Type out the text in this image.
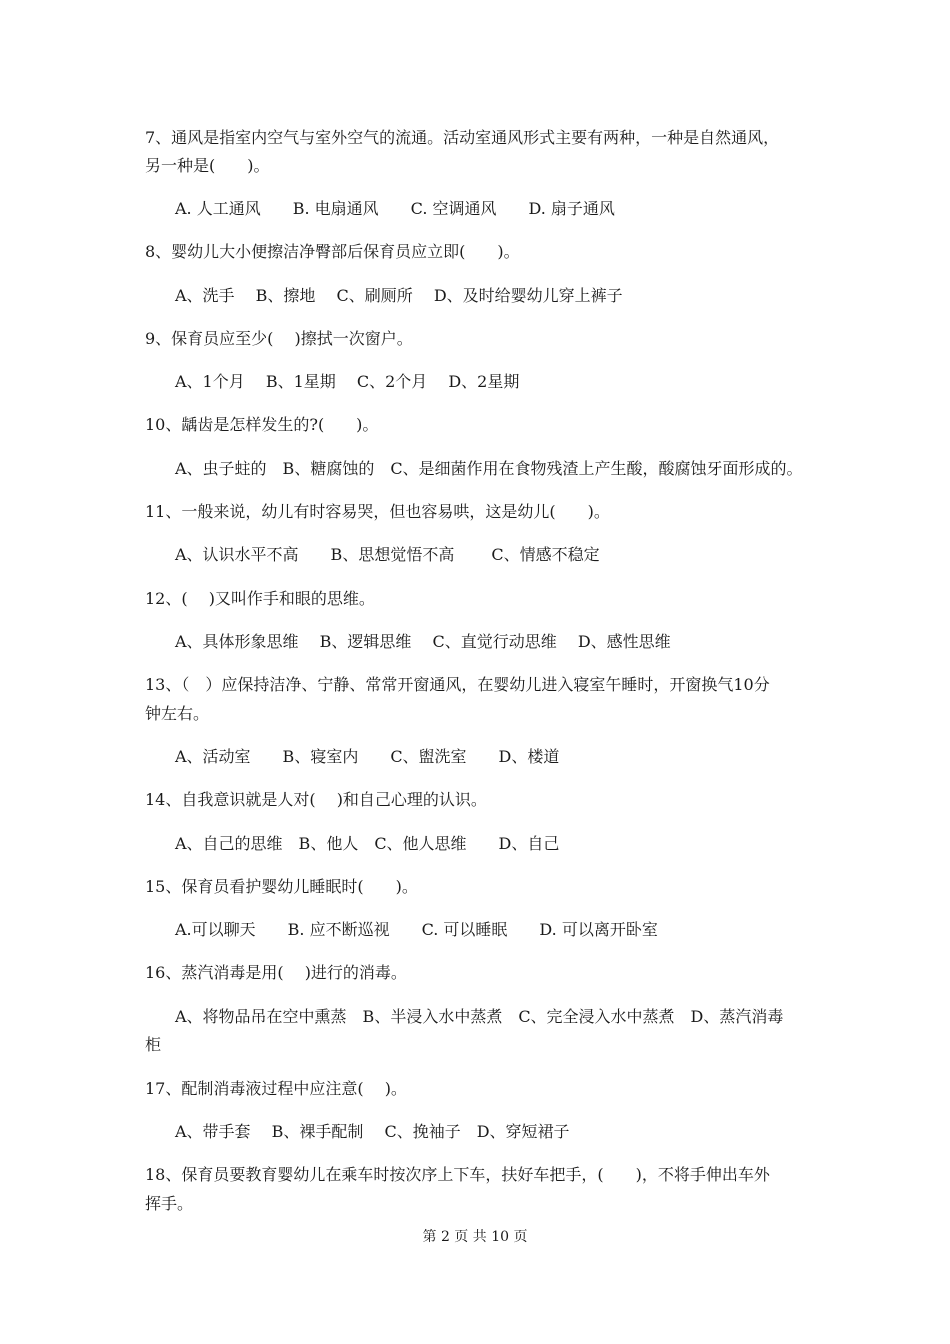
7、通风是指室内空气与室外空气的流通。活动室通风形式主要有两种，一种是自然通风，
另一种是(　　)。
A. 人工通风　　B. 电扇通风　　C. 空调通风　　D. 扇子通风
8、婴幼儿大小便擦洁净臀部后保育员应立即(　　)。
A、洗手　 B、擦地　 C、刷厕所　 D、及时给婴幼儿穿上裤子
9、保育员应至少(　 )擦拭一次窗户。
A、1个月　 B、1星期　 C、2个月　 D、2星期
10、龋齿是怎样发生的?(　　)。
A、虫子蛀的　B、糖腐蚀的　C、是细菌作用在食物残渣上产生酸，酸腐蚀牙面形成的。
11、一般来说，幼儿有时容易哭，但也容易哄，这是幼儿(　　)。
A、认识水平不高　　B、思想觉悟不高　　 C、情感不稳定
12、(　 )又叫作手和眼的思维。
A、具体形象思维　 B、逻辑思维　 C、直觉行动思维　 D、感性思维
13、（　）应保持洁净、宁静、常常开窗通风，在婴幼儿进入寝室午睡时，开窗换气10分
钟左右。
A、活动室　　B、寝室内　　C、盥洗室　　D、楼道
14、自我意识就是人对(　 )和自己心理的认识。
A、自己的思维　B、他人　C、他人思维　　D、自己
15、保育员看护婴幼儿睡眠时(　　)。
A.可以聊天　　B. 应不断巡视　　C. 可以睡眠　　D. 可以离开卧室
16、蒸汽消毒是用(　 )进行的消毒。
A、将物品吊在空中熏蒸　B、半浸入水中蒸煮　C、完全浸入水中蒸煮　D、蒸汽消毒
柜
17、配制消毒液过程中应注意(　 )。
A、带手套　 B、裸手配制　 C、挽袖子　D、穿短裙子
18、保育员要教育婴幼儿在乘车时按次序上下车，扶好车把手，(　　)，不将手伸出车外
挥手。
第 2 页 共 10 页
